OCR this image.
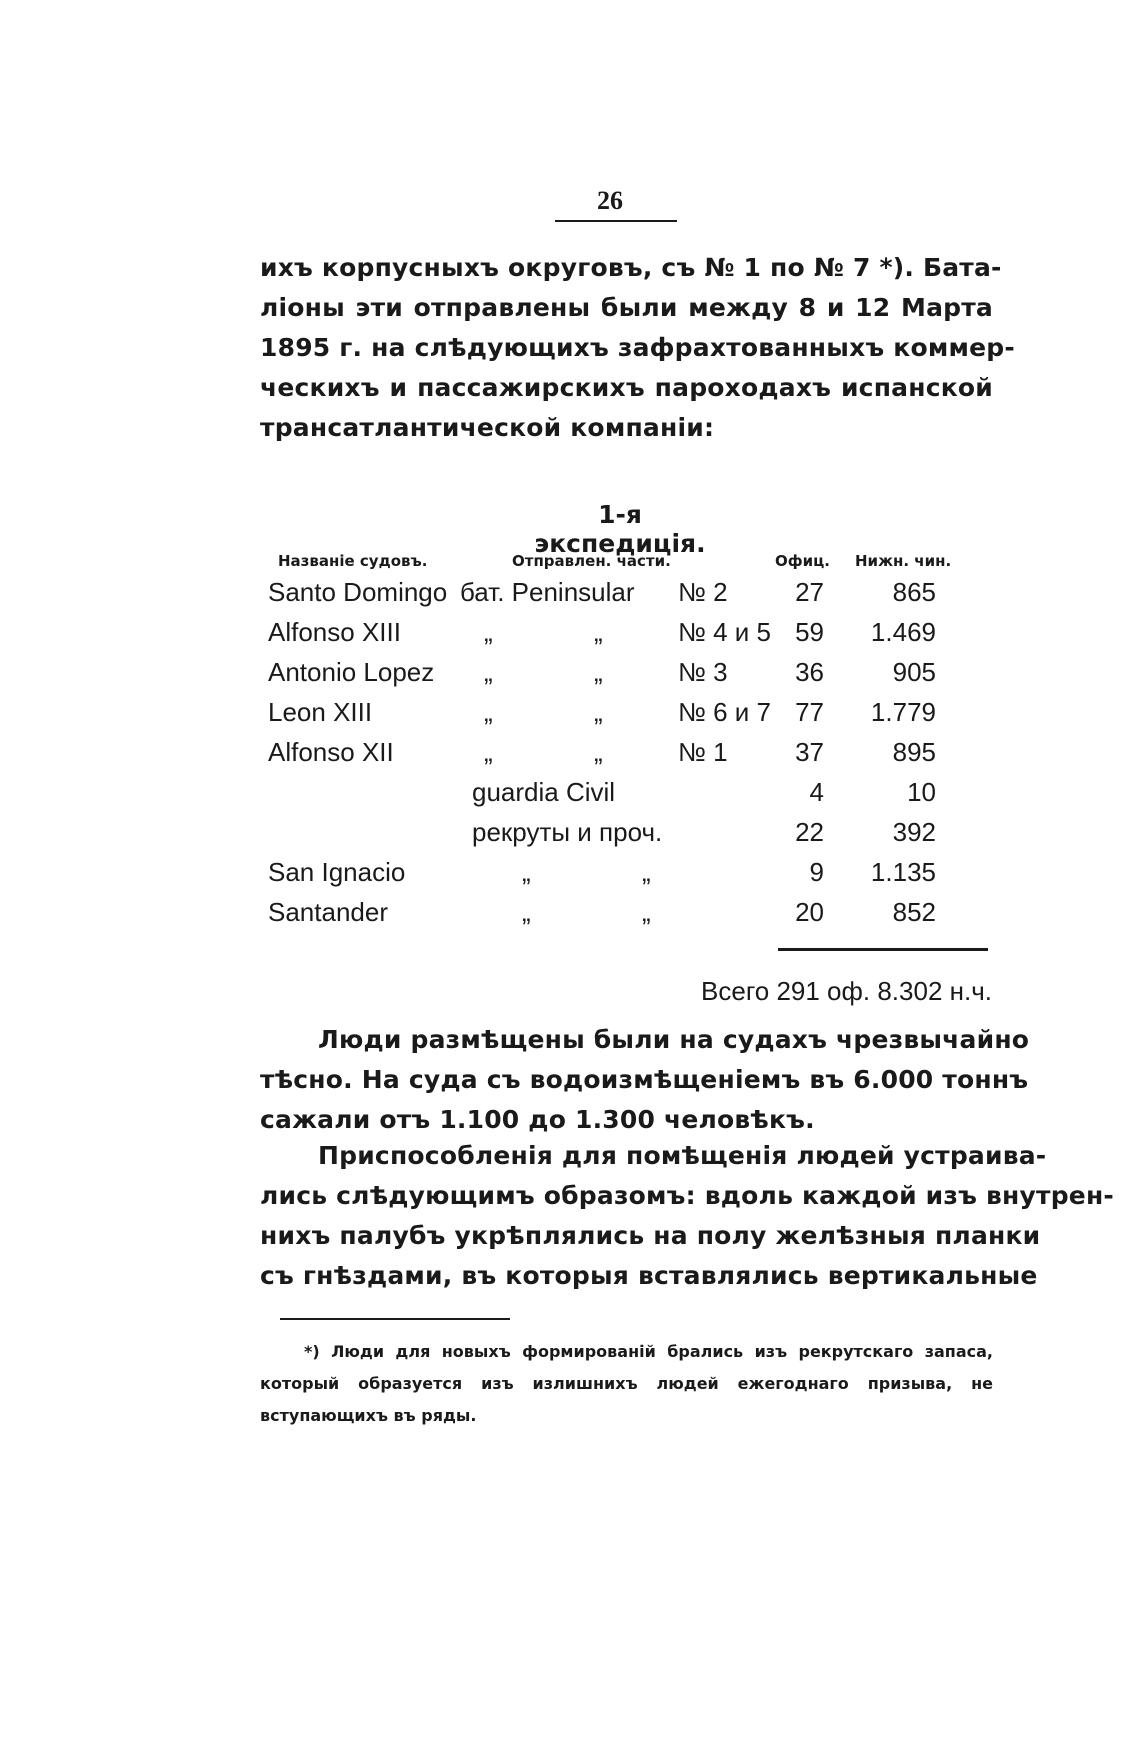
26
ихъ корпусныхъ округовъ, съ № 1 по № 7 *). Бата-
ліоны эти отправлены были между 8 и 12 Марта
1895 г. на слѣдующихъ зафрахтованныхъ коммер-
ческихъ и пассажирскихъ пароходахъ испанской
трансатлантической компаніи:
1-я экспедиція.
Названіе судовъ.	Отправлен. части.	Офиц. Нижн. чин.
Santo Domingo бат. Peninsular № 2	27	865
Alfonso XIII	„	„	№ 4 и 5 59	1.469
Antonio Lopez „	„	№ 3	36	905
Leon XIII	„	„	№ 6 и 7 77	1.779
Alfonso XII	„	„	№ 1	37	895
guardia Civil	4	10
рекруты и проч.	22	392
San Ignacio	„	„	9	1.135
Santander	„	„	20	852
Всего 291 оф. 8.302 н.ч.
Люди размѣщены были на судахъ чрезвычайно
тѣсно. На суда съ водоизмѣщеніемъ въ 6.000 тоннъ
сажали отъ 1.100 до 1.300 человѣкъ.
Приспособленія для помѣщенія людей устраива-
лись слѣдующимъ образомъ: вдоль каждой изъ внутрен-
нихъ палубъ укрѣплялись на полу желѣзныя планки
съ гнѣздами, въ которыя вставлялись вертикальные
*) Люди для новыхъ формированій брались изъ рекрутскаго запаса,
который образуется изъ излишнихъ людей ежегоднаго призыва, не
вступающихъ въ ряды.
